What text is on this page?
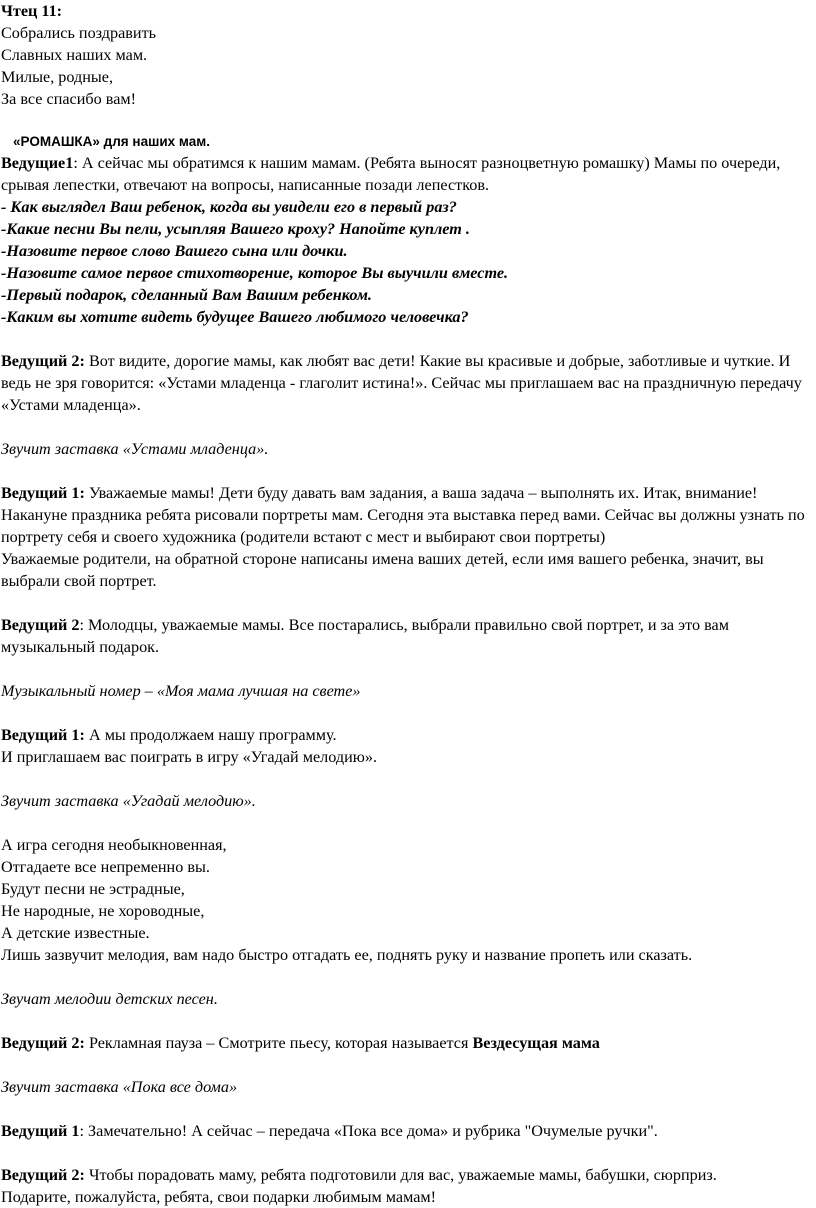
Чтец 11:

Собрались поздравить

Славных наших мам.

Милые, родные,

За все спасибо вам!

«РОМАШКА» для наших мам.

Ведущие1: А сейчас мы обратимся к нашим мамам. (Ребята выносят разноцветную ромашку) Мамы по очереди, срывая лепестки, отвечают на вопросы, написанные позади лепестков.

- Как выглядел Ваш ребенок, когда вы увидели его в первый раз?

-Какие песни Вы пели, усыпляя Вашего кроху? Напойте куплет .

-Назовите первое слово Вашего сына или дочки.

-Назовите самое первое стихотворение, которое Вы выучили вместе.

-Первый подарок, сделанный Вам Вашим ребенком.

-Каким вы хотите видеть будущее Вашего любимого человечка?

Ведущий 2: Вот видите, дорогие мамы, как любят вас дети! Какие вы красивые и добрые, заботливые и чуткие. И ведь не зря говорится: «Устами младенца - глаголит истина!». Сейчас мы приглашаем вас на праздничную передачу «Устами младенца».

Звучит заставка «Устами младенца».

Ведущий 1: Уважаемые мамы! Дети буду давать вам задания, а ваша задача – выполнять их. Итак, внимание!

Накануне праздника ребята рисовали портреты мам. Сегодня эта выставка перед вами. Сейчас вы должны узнать по портрету себя и своего художника (родители встают с мест и выбирают свои портреты)

Уважаемые родители, на обратной стороне написаны имена ваших детей, если имя вашего ребенка, значит, вы выбрали свой портрет.

Ведущий 2: Молодцы, уважаемые мамы. Все постарались, выбрали правильно свой портрет, и за это вам музыкальный подарок.

Музыкальный номер – «Моя мама лучшая на свете»

Ведущий 1: А мы продолжаем нашу программу.

И приглашаем вас поиграть в игру «Угадай мелодию».

Звучит заставка «Угадай мелодию».

А игра сегодня необыкновенная,

Отгадаете все непременно вы.

Будут песни не эстрадные,

Не народные, не хороводные,

А детские известные.

Лишь зазвучит мелодия, вам надо быстро отгадать ее, поднять руку и название пропеть или сказать.

Звучат мелодии детских песен.

Ведущий 2: Рекламная пауза – Смотрите пьесу, которая называется Вездесущая мама

Звучит заставка «Пока все дома»

Ведущий 1: Замечательно! А сейчас – передача «Пока все дома» и рубрика "Очумелые ручки".

Ведущий 2: Чтобы порадовать маму, ребята подготовили для вас, уважаемые мамы, бабушки, сюрприз.

Подарите, пожалуйста, ребята, свои подарки любимым мамам!
